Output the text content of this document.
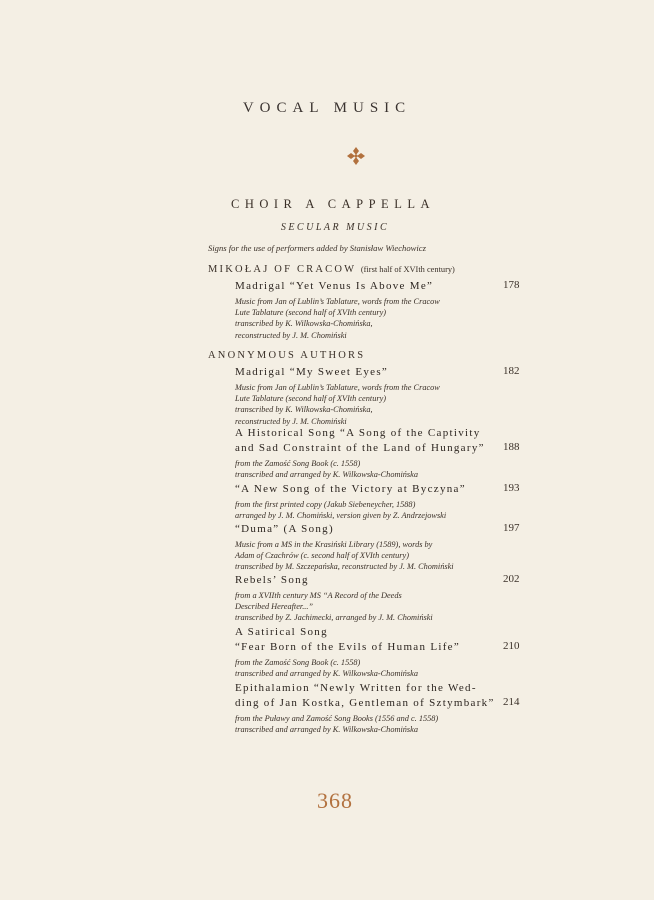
VOCAL MUSIC
CHOIR A CAPPELLA
SECULAR MUSIC
Signs for the use of performers added by Stanisław Wiechowicz
MIKOŁAJ OF CRACOW (first half of XVIth century)
ANONYMOUS AUTHORS
Madrigal “Yet Venus Is Above Me”
Music from Jan of Lublin’s Tablature, words from the Cracow
Lute Tablature (second half of XVIth century)
transcribed by K. Wilkowska-Chomińska,
reconstructed by J. M. Chomiński
178
Madrigal “My Sweet Eyes”
Music from Jan of Lublin’s Tablature, words from the Cracow
Lute Tablature (second half of XVIth century)
transcribed by K. Wilkowska-Chomińska,
reconstructed by J. M. Chomiński
182
A Historical Song “A Song of the Captivity
and Sad Constraint of the Land of Hungary”
from the Zamość Song Book (c. 1558)
transcribed and arranged by K. Wilkowska-Chomińska
188
“A New Song of the Victory at Byczyna”
from the first printed copy (Jakub Siebeneycher, 1588)
arranged by J. M. Chomiński, version given by Z. Andrzejowski
193
“Duma” (A Song)
Music from a MS in the Krasiński Library (1589), words by
Adam of Czachrów (c. second half of XVIth century)
transcribed by M. Szczepańska, reconstructed by J. M. Chomiński
197
Rebels’ Song
from a XVIIth century MS “A Record of the Deeds
Described Hereafter...”
transcribed by Z. Jachimecki, arranged by J. M. Chomiński
202
A Satirical Song
“Fear Born of the Evils of Human Life”
from the Zamość Song Book (c. 1558)
transcribed and arranged by K. Wilkowska-Chomińska
210
Epithalamion “Newly Written for the Wed-
ding of Jan Kostka, Gentleman of Sztymbark”
from the Puławy and Zamość Song Books (1556 and c. 1558)
transcribed and arranged by K. Wilkowska-Chomińska
214
368
